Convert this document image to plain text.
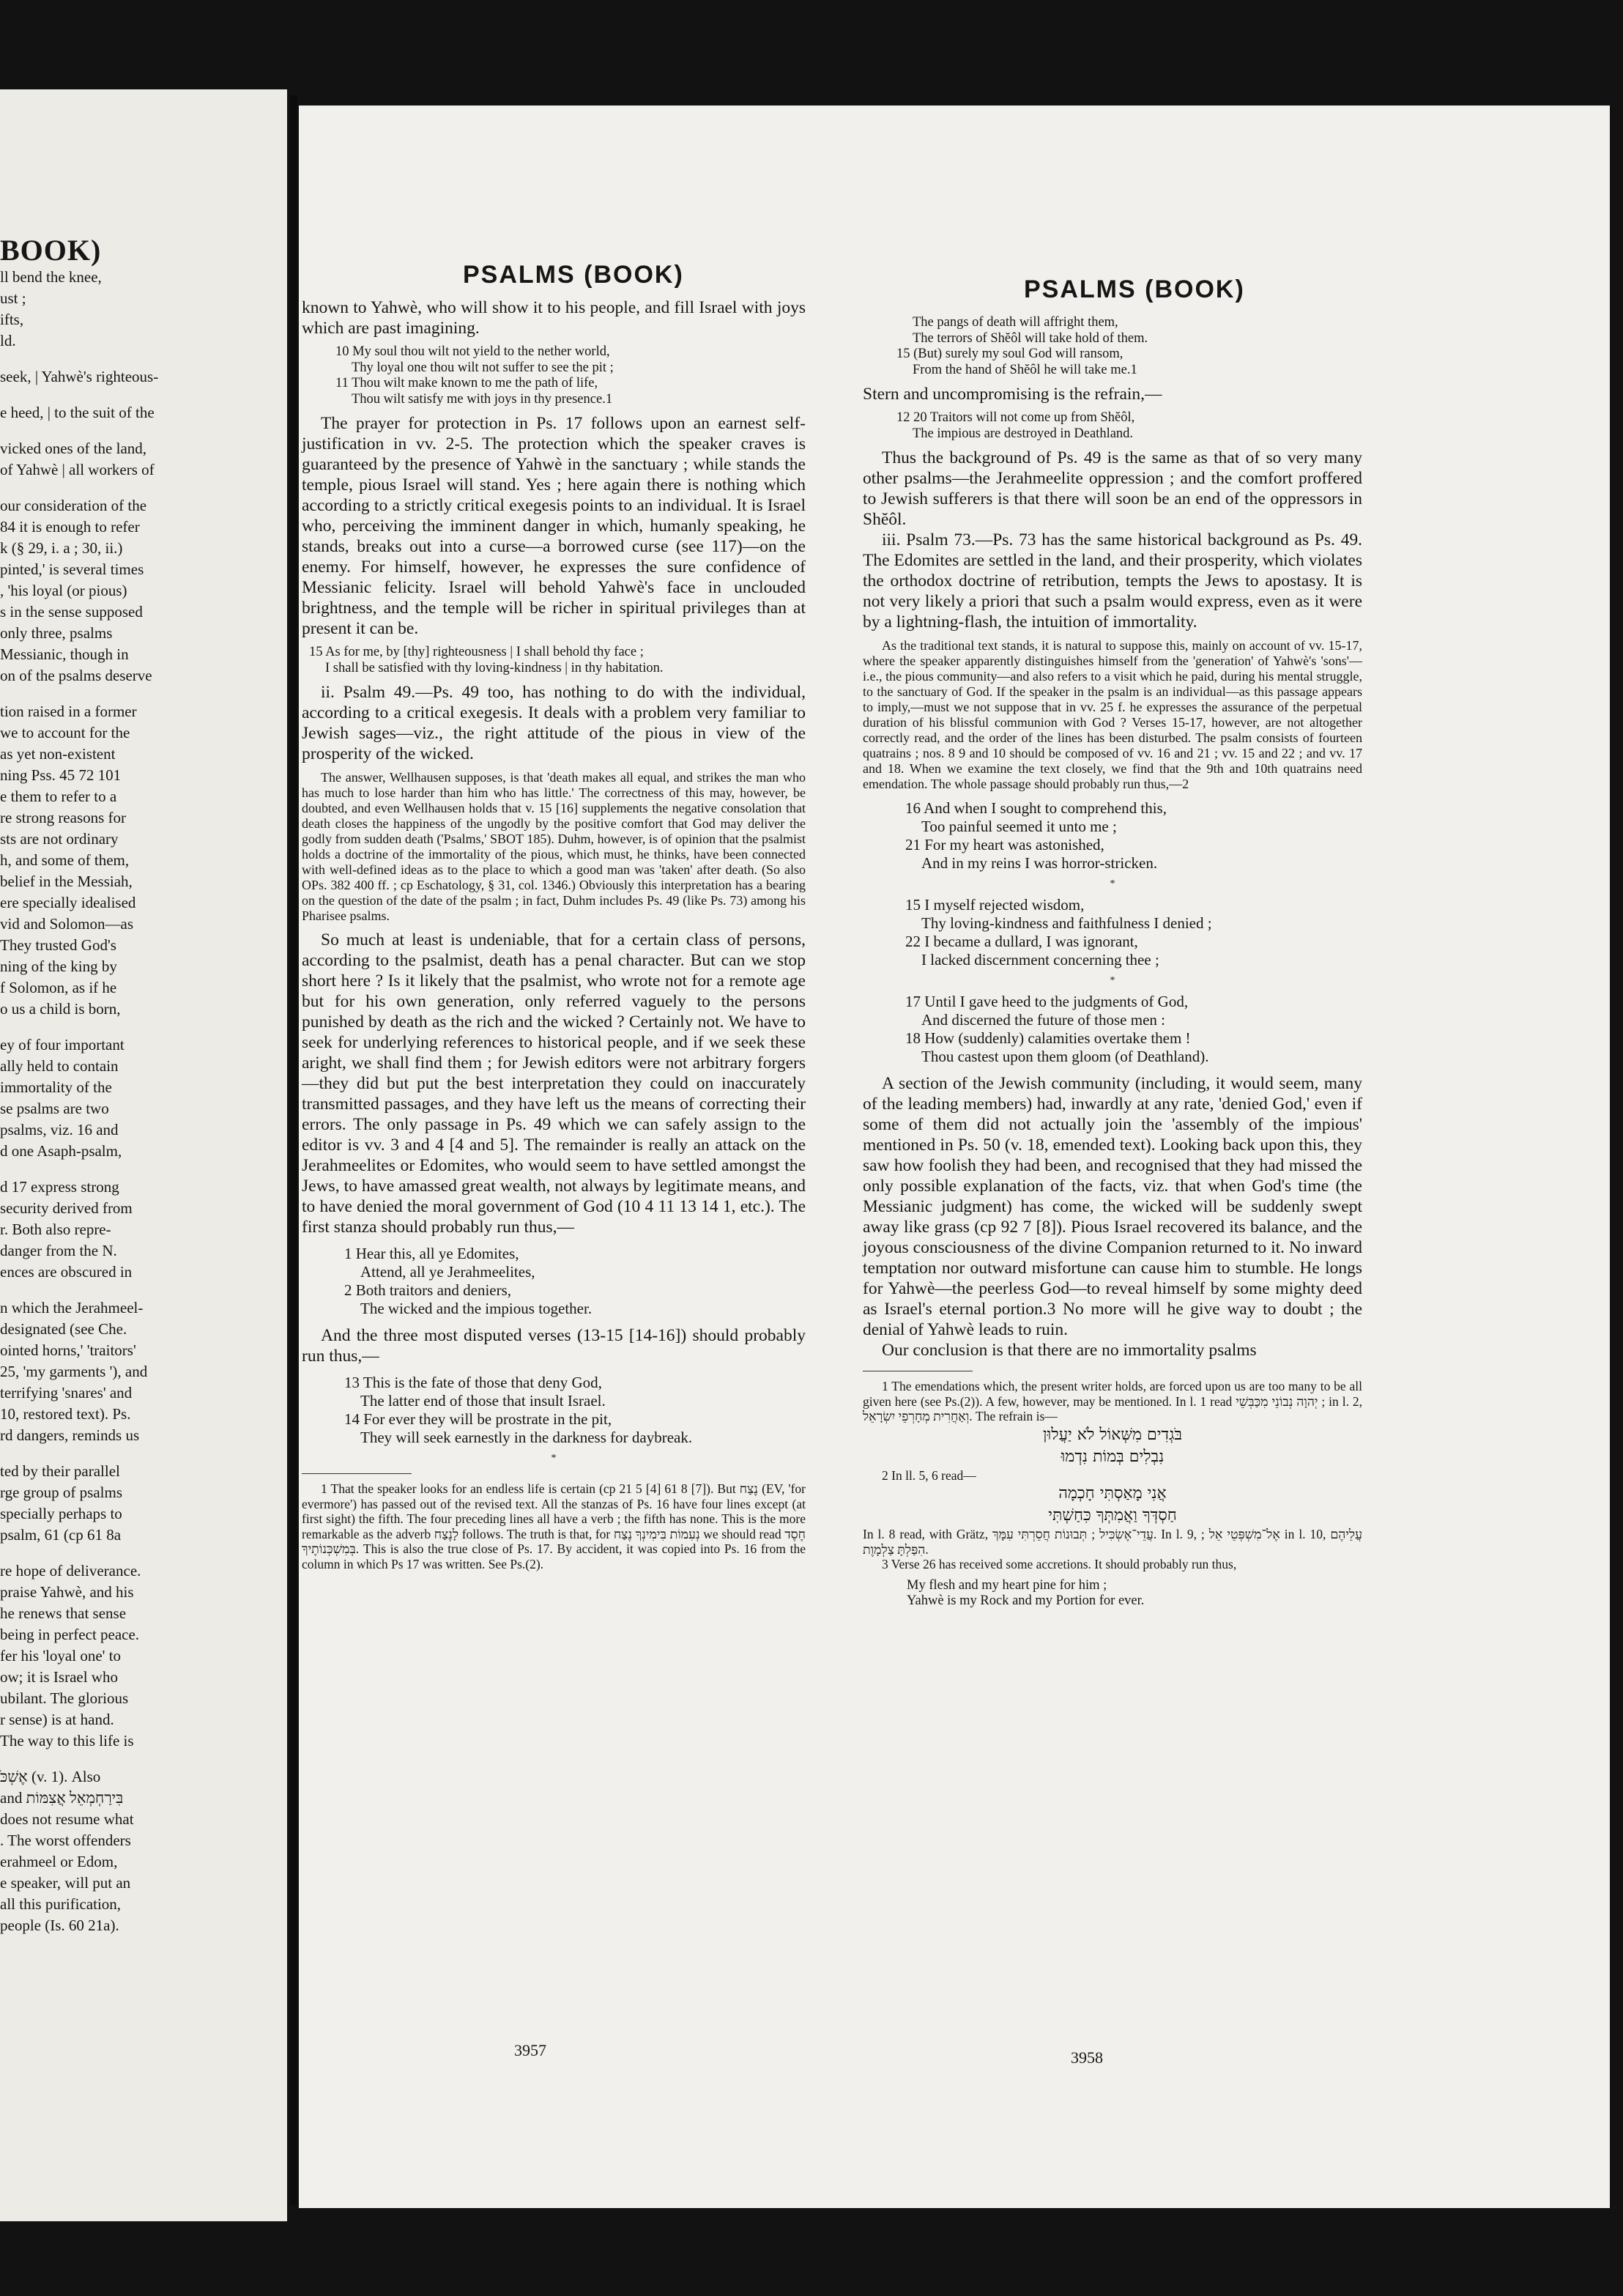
BOOK)
ll bend the knee,
ust ;
ifts,
ld.
seek, | Yahwè's righteous-
e heed, | to the suit of the
vicked ones of the land,
of Yahwè | all workers of
our consideration of the
84 it is enough to refer
k (§ 29, i. a ; 30, ii.)
pinted,' is several times
, 'his loyal (or pious)
s in the sense supposed
only three, psalms
Messianic, though in
on of the psalms deserve
tion raised in a former
we to account for the
as yet non-existent
ning Pss. 45 72 101
e them to refer to a
re strong reasons for
sts are not ordinary
h, and some of them,
belief in the Messiah,
ere specially idealised
vid and Solomon—as
They trusted God's
ning of the king by
f Solomon, as if he
o us a child is born,
ey of four important
ally held to contain
immortality of the
se psalms are two
psalms, viz. 16 and
d one Asaph-psalm,
d 17 express strong
security derived from
r. Both also repre-
danger from the N.
ences are obscured in
n which the Jerahmeel-
designated (see Che.
ointed horns,' 'traitors'
25, 'my garments '), and
terrifying 'snares' and
10, restored text). Ps.
rd dangers, reminds us
ted by their parallel
rge group of psalms
specially perhaps to
psalm, 61 (cp 61 8a
re hope of deliverance.
praise Yahwè, and his
he renews that sense
being in perfect peace.
fer his 'loyal one' to
ow; it is Israel who
ubilant. The glorious
r sense) is at hand.
The way to this life is
אֶשְׁכֹּ (v. 1). Also
and בִּירַחְמְאֵל אֲצִמּוֹת
does not resume what
. The worst offenders
erahmeel or Edom,
e speaker, will put an
all this purification,
people (Is. 60 21a).
PSALMS (BOOK)
PSALMS (BOOK)

known to Yahwè, who will show it to his people, and fill Israel with joys which are past imagining.

10 My soul thou wilt not yield to the nether world,
Thy loyal one thou wilt not suffer to see the pit ;
11 Thou wilt make known to me the path of life,
Thou wilt satisfy me with joys in thy presence.1

The prayer for protection in Ps. 17 follows upon an earnest self-justification in vv. 2-5. The protection which the speaker craves is guaranteed by the presence of Yahwè in the sanctuary ; while stands the temple, pious Israel will stand. Yes ; here again there is nothing which according to a strictly critical exegesis points to an individual. It is Israel who, perceiving the imminent danger in which, humanly speaking, he stands, breaks out into a curse—a borrowed curse (see 117)—on the enemy. For himself, however, he expresses the sure confidence of Messianic felicity. Israel will behold Yahwè's face in unclouded brightness, and the temple will be richer in spiritual privileges than at present it can be.

15 As for me, by [thy] righteousness | I shall behold thy face ;
I shall be satisfied with thy loving-kindness | in thy habitation.

ii. Psalm 49.—Ps. 49 too, has nothing to do with the individual, according to a critical exegesis. It deals with a problem very familiar to Jewish sages—viz., the right attitude of the pious in view of the prosperity of the wicked.

The answer, Wellhausen supposes, is that 'death makes all equal, and strikes the man who has much to lose harder than him who has little.' The correctness of this may, however, be doubted, and even Wellhausen holds that v. 15 [16] supplements the negative consolation that death closes the happiness of the ungodly by the positive comfort that God may deliver the godly from sudden death ('Psalms,' SBOT 185). Duhm, however, is of opinion that the psalmist holds a doctrine of the immortality of the pious, which must, he thinks, have been connected with well-defined ideas as to the place to which a good man was 'taken' after death. (So also OPs. 382 400 ff. ; cp Eschatology, § 31, col. 1346.) Obviously this interpretation has a bearing on the question of the date of the psalm ; in fact, Duhm includes Ps. 49 (like Ps. 73) among his Pharisee psalms.

So much at least is undeniable, that for a certain class of persons, according to the psalmist, death has a penal character. But can we stop short here ? Is it likely that the psalmist, who wrote not for a remote age but for his own generation, only referred vaguely to the persons punished by death as the rich and the wicked ? Certainly not. We have to seek for underlying references to historical people, and if we seek these aright, we shall find them ; for Jewish editors were not arbitrary forgers—they did but put the best interpretation they could on inaccurately transmitted passages, and they have left us the means of correcting their errors. The only passage in Ps. 49 which we can safely assign to the editor is vv. 3 and 4 [4 and 5]. The remainder is really an attack on the Jerahmeelites or Edomites, who would seem to have settled amongst the Jews, to have amassed great wealth, not always by legitimate means, and to have denied the moral government of God (10 4 11 13 14 1, etc.). The first stanza should probably run thus,—

1 Hear this, all ye Edomites,
Attend, all ye Jerahmeelites,
2 Both traitors and deniers,
The wicked and the impious together.

And the three most disputed verses (13-15 [14-16]) should probably run thus,—

13 This is the fate of those that deny God,
The latter end of those that insult Israel.
14 For ever they will be prostrate in the pit,
They will seek earnestly in the darkness for daybreak.
*

1 That the speaker looks for an endless life is certain (cp 21 5 [4] 61 8 [7]). But נֶצַח (EV, 'for evermore') has passed out of the revised text. All the stanzas of Ps. 16 have four lines except (at first sight) the fifth. The four preceding lines all have a verb ; the fifth has none. This is the more remarkable as the adverb לָנֶצַח follows. The truth is that, for נְעִמוֹת בִּימִינְךָ נֶצַח we should read חֶסֶד בְּמִשְׁכְּנוֹתֶיךָ. This is also the true close of Ps. 17. By accident, it was copied into Ps. 16 from the column in which Ps 17 was written. See Ps.(2).

3957
The pangs of death will affright them,
The terrors of Shĕôl will take hold of them.
15 (But) surely my soul God will ransom,
From the hand of Shĕôl he will take me.1

Stern and uncompromising is the refrain,—

12 20 Traitors will not come up from Shĕôl,
The impious are destroyed in Deathland.

Thus the background of Ps. 49 is the same as that of so very many other psalms—the Jerahmeelite oppression ; and the comfort proffered to Jewish sufferers is that there will soon be an end of the oppressors in Shĕôl.

iii. Psalm 73.—Ps. 73 has the same historical background as Ps. 49. The Edomites are settled in the land, and their prosperity, which violates the orthodox doctrine of retribution, tempts the Jews to apostasy. It is not very likely a priori that such a psalm would express, even as it were by a lightning-flash, the intuition of immortality.

As the traditional text stands, it is natural to suppose this, mainly on account of vv. 15-17, where the speaker apparently distinguishes himself from the 'generation' of Yahwè's 'sons'—i.e., the pious community—and also refers to a visit which he paid, during his mental struggle, to the sanctuary of God. If the speaker in the psalm is an individual—as this passage appears to imply,—must we not suppose that in vv. 25 f. he expresses the assurance of the perpetual duration of his blissful communion with God ? Verses 15-17, however, are not altogether correctly read, and the order of the lines has been disturbed. The psalm consists of fourteen quatrains ; nos. 8 9 and 10 should be composed of vv. 16 and 21 ; vv. 15 and 22 ; and vv. 17 and 18. When we examine the text closely, we find that the 9th and 10th quatrains need emendation. The whole passage should probably run thus,—2

16 And when I sought to comprehend this,
Too painful seemed it unto me ;
21 For my heart was astonished,
And in my reins I was horror-stricken.
*
15 I myself rejected wisdom,
Thy loving-kindness and faithfulness I denied ;
22 I became a dullard, I was ignorant,
I lacked discernment concerning thee ;
*
17 Until I gave heed to the judgments of God,
And discerned the future of those men :
18 How (suddenly) calamities overtake them !
Thou castest upon them gloom (of Deathland).

A section of the Jewish community (including, it would seem, many of the leading members) had, inwardly at any rate, 'denied God,' even if some of them did not actually join the 'assembly of the impious' mentioned in Ps. 50 (v. 18, emended text). Looking back upon this, they saw how foolish they had been, and recognised that they had missed the only possible explanation of the facts, viz. that when God's time (the Messianic judgment) has come, the wicked will be suddenly swept away like grass (cp 92 7 [8]). Pious Israel recovered its balance, and the joyous consciousness of the divine Companion returned to it. No inward temptation nor outward misfortune can cause him to stumble. He longs for Yahwè—the peerless God—to reveal himself by some mighty deed as Israel's eternal portion.3 No more will he give way to doubt ; the denial of Yahwè leads to ruin.

Our conclusion is that there are no immortality psalms

1 The emendations which, the present writer holds, are forced upon us are too many to be all given here (see Ps.(2)). A few, however, may be mentioned. In l. 1 read יְהוָה נְבוֹנֵי מִכַּבְּשֵׁי ; in l. 2, וְאַחֲרִית מְחָרְפֵי יִשְׂרָאֵל. The refrain is—

בֹּגְדִים מִשְּׁאוֹל לֹא יַעֲלוּן
נִבְלִים בְּמוֹת נִדְמוּ

2 In ll. 5, 6 read—

אֲנִי מָאַסְתִּי חָכְמָה
חַסְדְּךָ וַאֲמִתְּךָ כִּחַשְׁתִּי

In l. 8 read, with Grätz, עֲדֵי־אֶשְׂכִּיל ; תְּבוּנוֹת חֲסֵרְתִּי עִמָּךְ. In l. 9, ; אֶל־מִשְׁפְּטֵי אֵל in l. 10, עֲלֵיהֶם הִפַּלְתָּ צַלְמָוֶת.

3 Verse 26 has received some accretions. It should probably run thus,

My flesh and my heart pine for him ;
Yahwè is my Rock and my Portion for ever.
3958
